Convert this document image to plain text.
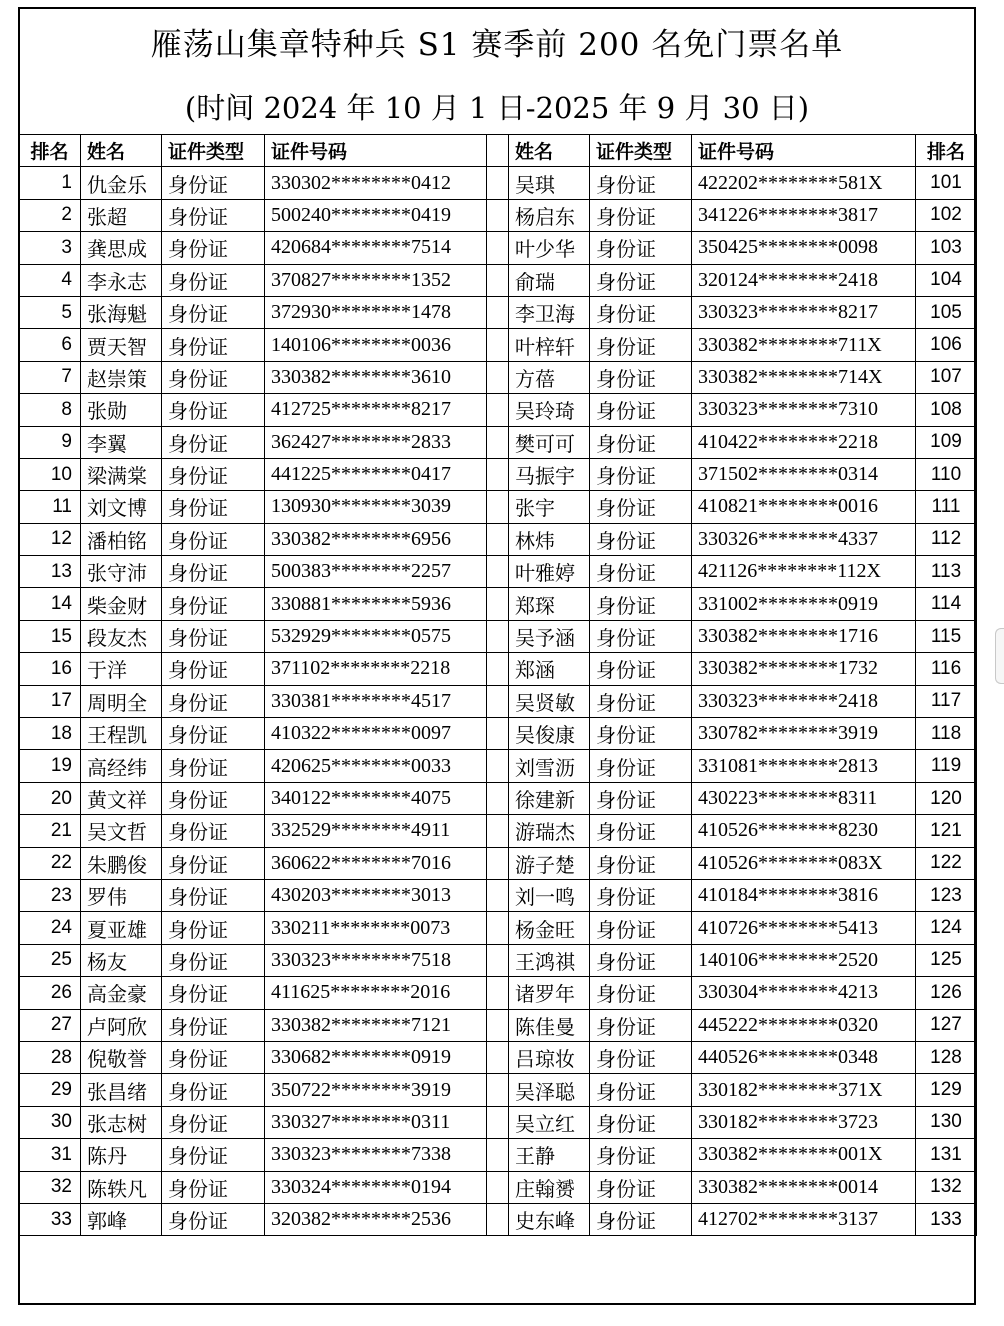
雁荡山集章特种兵 S1 赛季前 200 名免门票名单
(时间 2024 年 10 月 1 日-2025 年 9 月 30 日)
排名	姓名	证件类型	证件号码		姓名	证件类型	证件号码	排名
1	仇金乐	身份证	330302********0412		吴琪	身份证	422202********581X	101
2	张超	身份证	500240********0419		杨启东	身份证	341226********3817	102
3	龚思成	身份证	420684********7514		叶少华	身份证	350425********0098	103
4	李永志	身份证	370827********1352		俞瑞	身份证	320124********2418	104
5	张海魁	身份证	372930********1478		李卫海	身份证	330323********8217	105
6	贾天智	身份证	140106********0036		叶梓轩	身份证	330382********711X	106
7	赵崇策	身份证	330382********3610		方蓓	身份证	330382********714X	107
8	张勋	身份证	412725********8217		吴玲琦	身份证	330323********7310	108
9	李翼	身份证	362427********2833		樊可可	身份证	410422********2218	109
10	梁满棠	身份证	441225********0417		马振宇	身份证	371502********0314	110
11	刘文博	身份证	130930********3039		张宇	身份证	410821********0016	111
12	潘柏铭	身份证	330382********6956		林炜	身份证	330326********4337	112
13	张守沛	身份证	500383********2257		叶雅婷	身份证	421126********112X	113
14	柴金财	身份证	330881********5936		郑琛	身份证	331002********0919	114
15	段友杰	身份证	532929********0575		吴予涵	身份证	330382********1716	115
16	于洋	身份证	371102********2218		郑涵	身份证	330382********1732	116
17	周明全	身份证	330381********4517		吴贤敏	身份证	330323********2418	117
18	王程凯	身份证	410322********0097		吴俊康	身份证	330782********3919	118
19	高经纬	身份证	420625********0033		刘雪沥	身份证	331081********2813	119
20	黄文祥	身份证	340122********4075		徐建新	身份证	430223********8311	120
21	吴文哲	身份证	332529********4911		游瑞杰	身份证	410526********8230	121
22	朱鹏俊	身份证	360622********7016		游子楚	身份证	410526********083X	122
23	罗伟	身份证	430203********3013		刘一鸣	身份证	410184********3816	123
24	夏亚雄	身份证	330211********0073		杨金旺	身份证	410726********5413	124
25	杨友	身份证	330323********7518		王鸿祺	身份证	140106********2520	125
26	高金豪	身份证	411625********2016		诸罗年	身份证	330304********4213	126
27	卢阿欣	身份证	330382********7121		陈佳曼	身份证	445222********0320	127
28	倪敬誉	身份证	330682********0919		吕琼妆	身份证	440526********0348	128
29	张昌绪	身份证	350722********3919		吴泽聪	身份证	330182********371X	129
30	张志树	身份证	330327********0311		吴立红	身份证	330182********3723	130
31	陈丹	身份证	330323********7338		王静	身份证	330382********001X	131
32	陈轶凡	身份证	330324********0194		庄翰赟	身份证	330382********0014	132
33	郭峰	身份证	320382********2536		史东峰	身份证	412702********3137	133
